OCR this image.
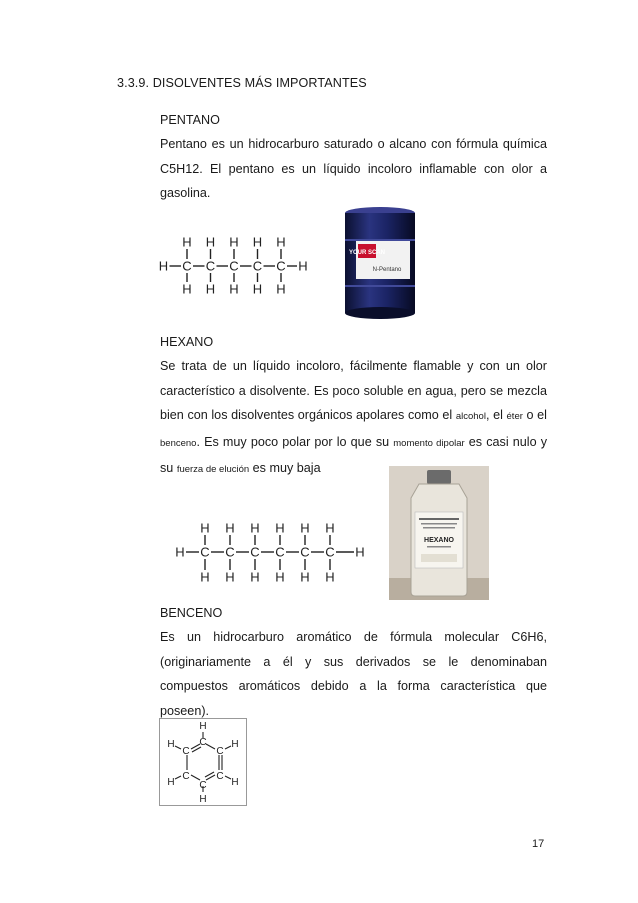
3.3.9. DISOLVENTES MÁS IMPORTANTES
PENTANO
Pentano es un hidrocarburo saturado o alcano con fórmula química C5H12. El pentano es un líquido incoloro inflamable con olor a gasolina.
H C
H
H
C
H
H
C
H
H
C
H
H
C
H
H
H
YOUR SCAN
N-Pentano
HEXANO
Se trata de un líquido incoloro, fácilmente flamable y con un olor característico a disolvente. Es poco soluble en agua, pero se mezcla bien con los disolventes orgánicos apolares como el alcohol, el éter o el benceno. Es muy poco polar por lo que su momento dipolar es casi nulo y su fuerza de elución es muy baja
H C
H
H
C
H
H
C
H
H
C
H
H
C
H
H
C
H
H
H
HEXANO
BENCENO
Es un hidrocarburo aromático de fórmula molecular C6H6, (originariamente a él y sus derivados se le denominaban compuestos aromáticos debido a la forma característica que poseen).
H
C
C
C
C
C
C
H
H
H
H
H
17
